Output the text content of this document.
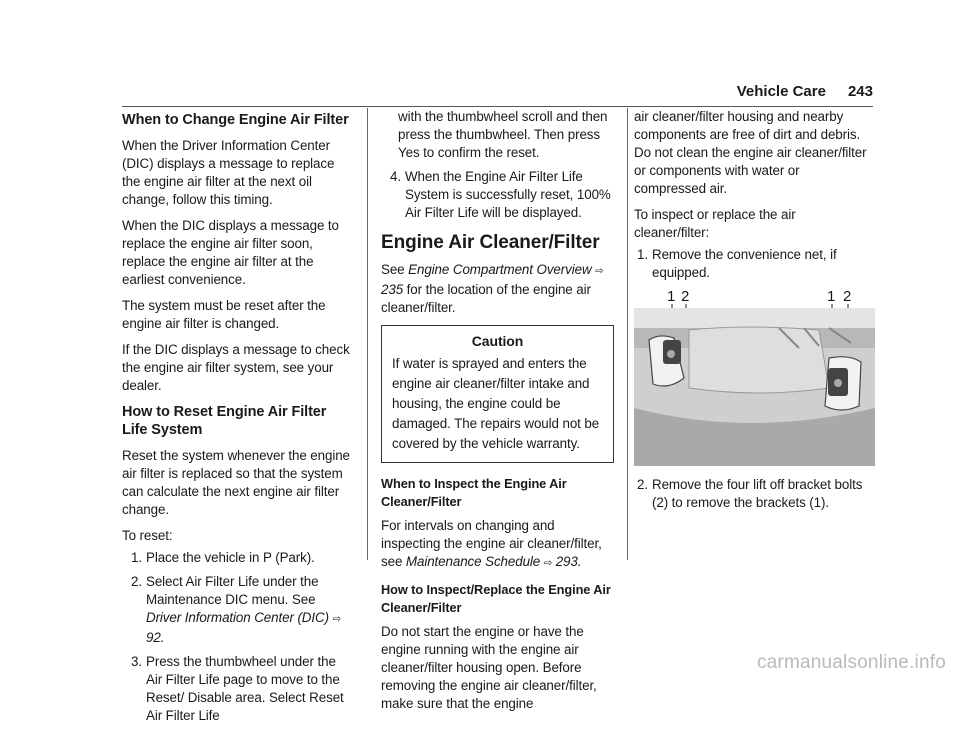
Vehicle Care 243
When to Change Engine Air Filter

When the Driver Information Center (DIC) displays a message to replace the engine air filter at the next oil change, follow this timing.

When the DIC displays a message to replace the engine air filter soon, replace the engine air filter at the earliest convenience.

The system must be reset after the engine air filter is changed.

If the DIC displays a message to check the engine air filter system, see your dealer.

How to Reset Engine Air Filter Life System

Reset the system whenever the engine air filter is replaced so that the system can calculate the next engine air filter change.

To reset:

1. Place the vehicle in P (Park).
2. Select Air Filter Life under the Maintenance DIC menu. See Driver Information Center (DIC) ⇨ 92.
3. Press the thumbwheel under the Air Filter Life page to move to the Reset/ Disable area. Select Reset Air Filter Life

with the thumbwheel scroll and then press the thumbwheel. Then press Yes to confirm the reset.

4. When the Engine Air Filter Life System is successfully reset, 100% Air Filter Life will be displayed.
Engine Air Cleaner/Filter

See Engine Compartment Overview ⇨ 235 for the location of the engine air cleaner/filter.

Caution
If water is sprayed and enters the engine air cleaner/filter intake and housing, the engine could be damaged. The repairs would not be covered by the vehicle warranty.
When to Inspect the Engine Air Cleaner/Filter

For intervals on changing and inspecting the engine air cleaner/filter, see Maintenance Schedule ⇨ 293.

How to Inspect/Replace the Engine Air Cleaner/Filter

Do not start the engine or have the engine running with the engine air cleaner/filter housing open. Before removing the engine air cleaner/filter, make sure that the engine

air cleaner/filter housing and nearby components are free of dirt and debris. Do not clean the engine air cleaner/filter or components with water or compressed air.

To inspect or replace the air cleaner/filter:

1. Remove the convenience net, if equipped.
1 2	1 2
2. Remove the four lift off bracket bolts (2) to remove the brackets (1).
carmanualsonline.info
